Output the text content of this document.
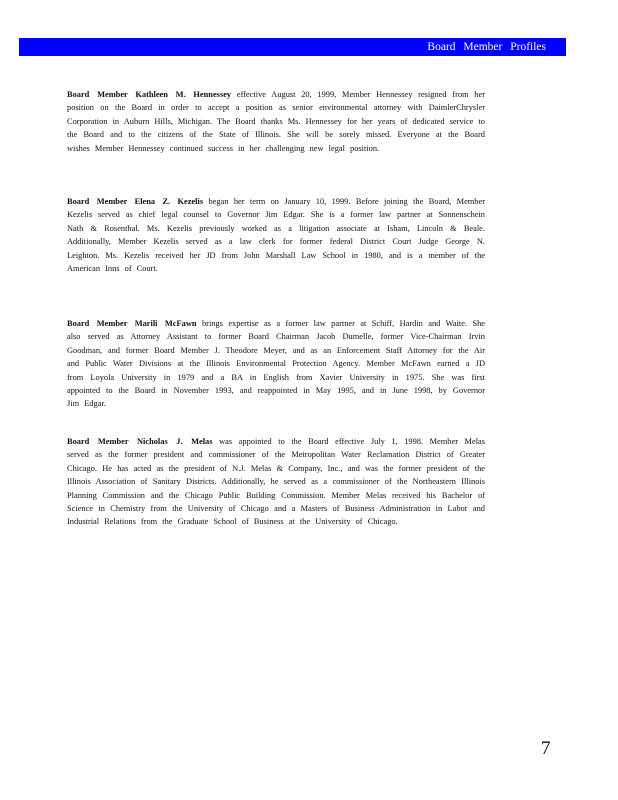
Board Member Profiles
Board Member Kathleen M. Hennessey effective August 20, 1999, Member Hennessey resigned from her position on the Board in order to accept a position as senior environmental attorney with DaimlerChrysler Corporation in Auburn Hills, Michigan. The Board thanks Ms. Hennessey for her years of dedicated service to the Board and to the citizens of the State of Illinois. She will be sorely missed. Everyone at the Board wishes Member Hennessey continued success in her challenging new legal position.
Board Member Elena Z. Kezelis began her term on January 10, 1999. Before joining the Board, Member Kezelis served as chief legal counsel to Governor Jim Edgar. She is a former law partner at Sonnenschein Nath & Rosenthal. Ms. Kezelis previously worked as a litigation associate at Isham, Lincoln & Beale. Additionally, Member Kezelis served as a law clerk for former federal District Court Judge George N. Leighton. Ms. Kezelis received her JD from John Marshall Law School in 1980, and is a member of the American Inns of Court.
Board Member Marili McFawn brings expertise as a former law partner at Schiff, Hardin and Waite. She also served as Attorney Assistant to former Board Chairman Jacob Dumelle, former Vice-Chairman Irvin Goodman, and former Board Member J. Theodore Meyer, and as an Enforcement Staff Attorney for the Air and Public Water Divisions at the Illinois Environmental Protection Agency. Member McFawn earned a JD from Loyola University in 1979 and a BA in English from Xavier University in 1975. She was first appointed to the Board in November 1993, and reappointed in May 1995, and in June 1998, by Governor Jim Edgar.
Board Member Nicholas J. Melas was appointed to the Board effective July 1, 1998. Member Melas served as the former president and commissioner of the Metropolitan Water Reclamation District of Greater Chicago. He has acted as the president of N.J. Melas & Company, Inc., and was the former president of the Illinois Association of Sanitary Districts. Additionally, he served as a commissioner of the Northeastern Illinois Planning Commission and the Chicago Public Building Commission. Member Melas received his Bachelor of Science in Chemistry from the University of Chicago and a Masters of Business Administration in Labor and Industrial Relations from the Graduate School of Business at the University of Chicago.
7
